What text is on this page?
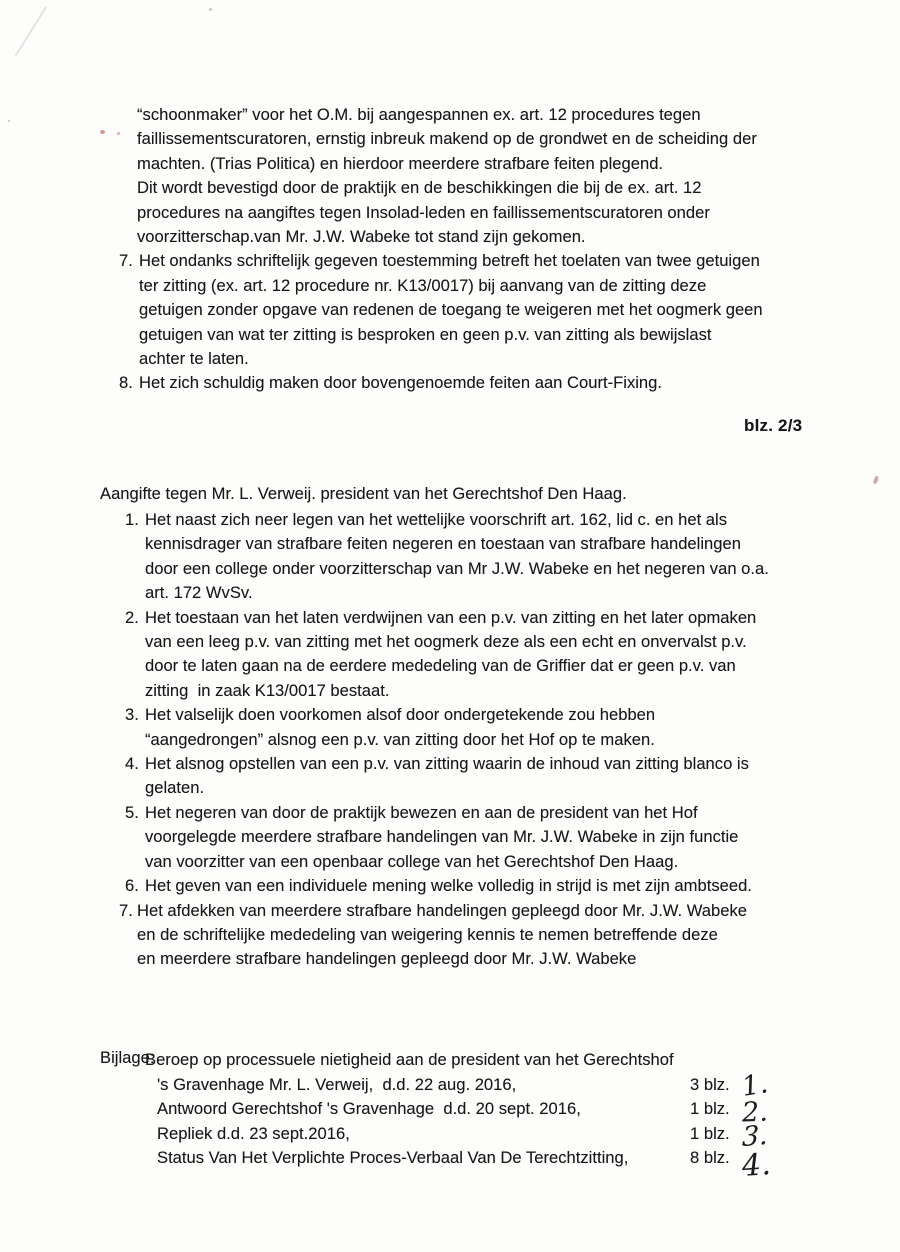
“schoonmaker” voor het O.M. bij aangespannen ex. art. 12 procedures tegen
faillissementscuratoren, ernstig inbreuk makend op de grondwet en de scheiding der
machten. (Trias Politica) en hierdoor meerdere strafbare feiten plegend.
Dit wordt bevestigd door de praktijk en de beschikkingen die bij de ex. art. 12
procedures na aangiftes tegen Insolad-leden en faillissementscuratoren onder
voorzitterschap.van Mr. J.W. Wabeke tot stand zijn gekomen.
7. Het ondanks schriftelijk gegeven toestemming betreft het toelaten van twee getuigen
ter zitting (ex. art. 12 procedure nr. K13/0017) bij aanvang van de zitting deze
getuigen zonder opgave van redenen de toegang te weigeren met het oogmerk geen
getuigen van wat ter zitting is besproken en geen p.v. van zitting als bewijslast
achter te laten.
8. Het zich schuldig maken door bovengenoemde feiten aan Court-Fixing.
blz. 2/3
Aangifte tegen Mr. L. Verweij. president van het Gerechtshof Den Haag.
1. Het naast zich neer legen van het wettelijke voorschrift art. 162, lid c. en het als
kennisdrager van strafbare feiten negeren en toestaan van strafbare handelingen
door een college onder voorzitterschap van Mr J.W. Wabeke en het negeren van o.a.
art. 172 WvSv.
2. Het toestaan van het laten verdwijnen van een p.v. van zitting en het later opmaken
van een leeg p.v. van zitting met het oogmerk deze als een echt en onvervalst p.v.
door te laten gaan na de eerdere mededeling van de Griffier dat er geen p.v. van
zitting  in zaak K13/0017 bestaat.
3. Het valselijk doen voorkomen alsof door ondergetekende zou hebben
“aangedrongen” alsnog een p.v. van zitting door het Hof op te maken.
4. Het alsnog opstellen van een p.v. van zitting waarin de inhoud van zitting blanco is
gelaten.
5. Het negeren van door de praktijk bewezen en aan de president van het Hof
voorgelegde meerdere strafbare handelingen van Mr. J.W. Wabeke in zijn functie
van voorzitter van een openbaar college van het Gerechtshof Den Haag.
6. Het geven van een individuele mening welke volledig in strijd is met zijn ambtseed.
7. Het afdekken van meerdere strafbare handelingen gepleegd door Mr. J.W. Wabeke
en de schriftelijke mededeling van weigering kennis te nemen betreffende deze
en meerdere strafbare handelingen gepleegd door Mr. J.W. Wabeke
Bijlage:
Beroep op processuele nietigheid aan de president van het Gerechtshof
's Gravenhage Mr. L. Verweij,  d.d. 22 aug. 2016,	3 blz. 1.
Antwoord Gerechtshof 's Gravenhage  d.d. 20 sept. 2016,	1 blz. 2.
Repliek d.d. 23 sept.2016,	1 blz. 3.
Status Van Het Verplichte Proces-Verbaal Van De Terechtzitting,	8 blz. 4.
